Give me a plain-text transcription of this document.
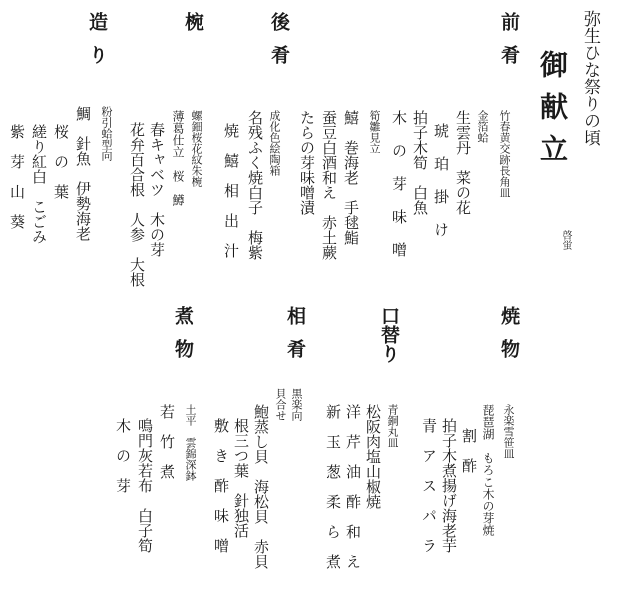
弥生ひな祭りの頃
御献立
啓蛍
前肴
竹春黄交跡長角皿
金箔蛤
生雲丹　菜の花
琥 珀 掛 け
拍子木筍　白魚
木 の 芽 味 噌
筍雛見立
鱚　巻海老　手毬鮨
蚕豆白酒和え　赤土蕨
たらの芽味噌漬
後肴
成化色絵陶箱
名残ふく焼白子　梅紫
焼　鱚　相　出　汁
椀
螺鈿桜花紋朱椀
薄葛仕立　桜　鱒
春キャベツ　木の芽
花弁百合根　人参　大根
造り
粉引蛤型向
鯛　針魚　伊勢海老
桜　の　葉
縒り紅白　こごみ
紫　芽　山　葵
焼物
永楽雪笹皿
琵琶湖　もろこ木の芽焼
割　酢
拍子木煮揚げ海老芋
青　ア　ス　パ　ラ
口替り
青銅丸皿
松阪肉塩山椒焼
洋　芹　油　酢　和　え
新　玉　葱　柔　ら　煮
相肴
黒楽向
貝合せ
鮑蒸し貝　海松貝　赤貝
根三つ葉　針独活
敷　き　酢　味　噌
煮物
土平　雲錦深鉢
若　竹　煮
鳴門灰若布　白子筍
木　の　芽
